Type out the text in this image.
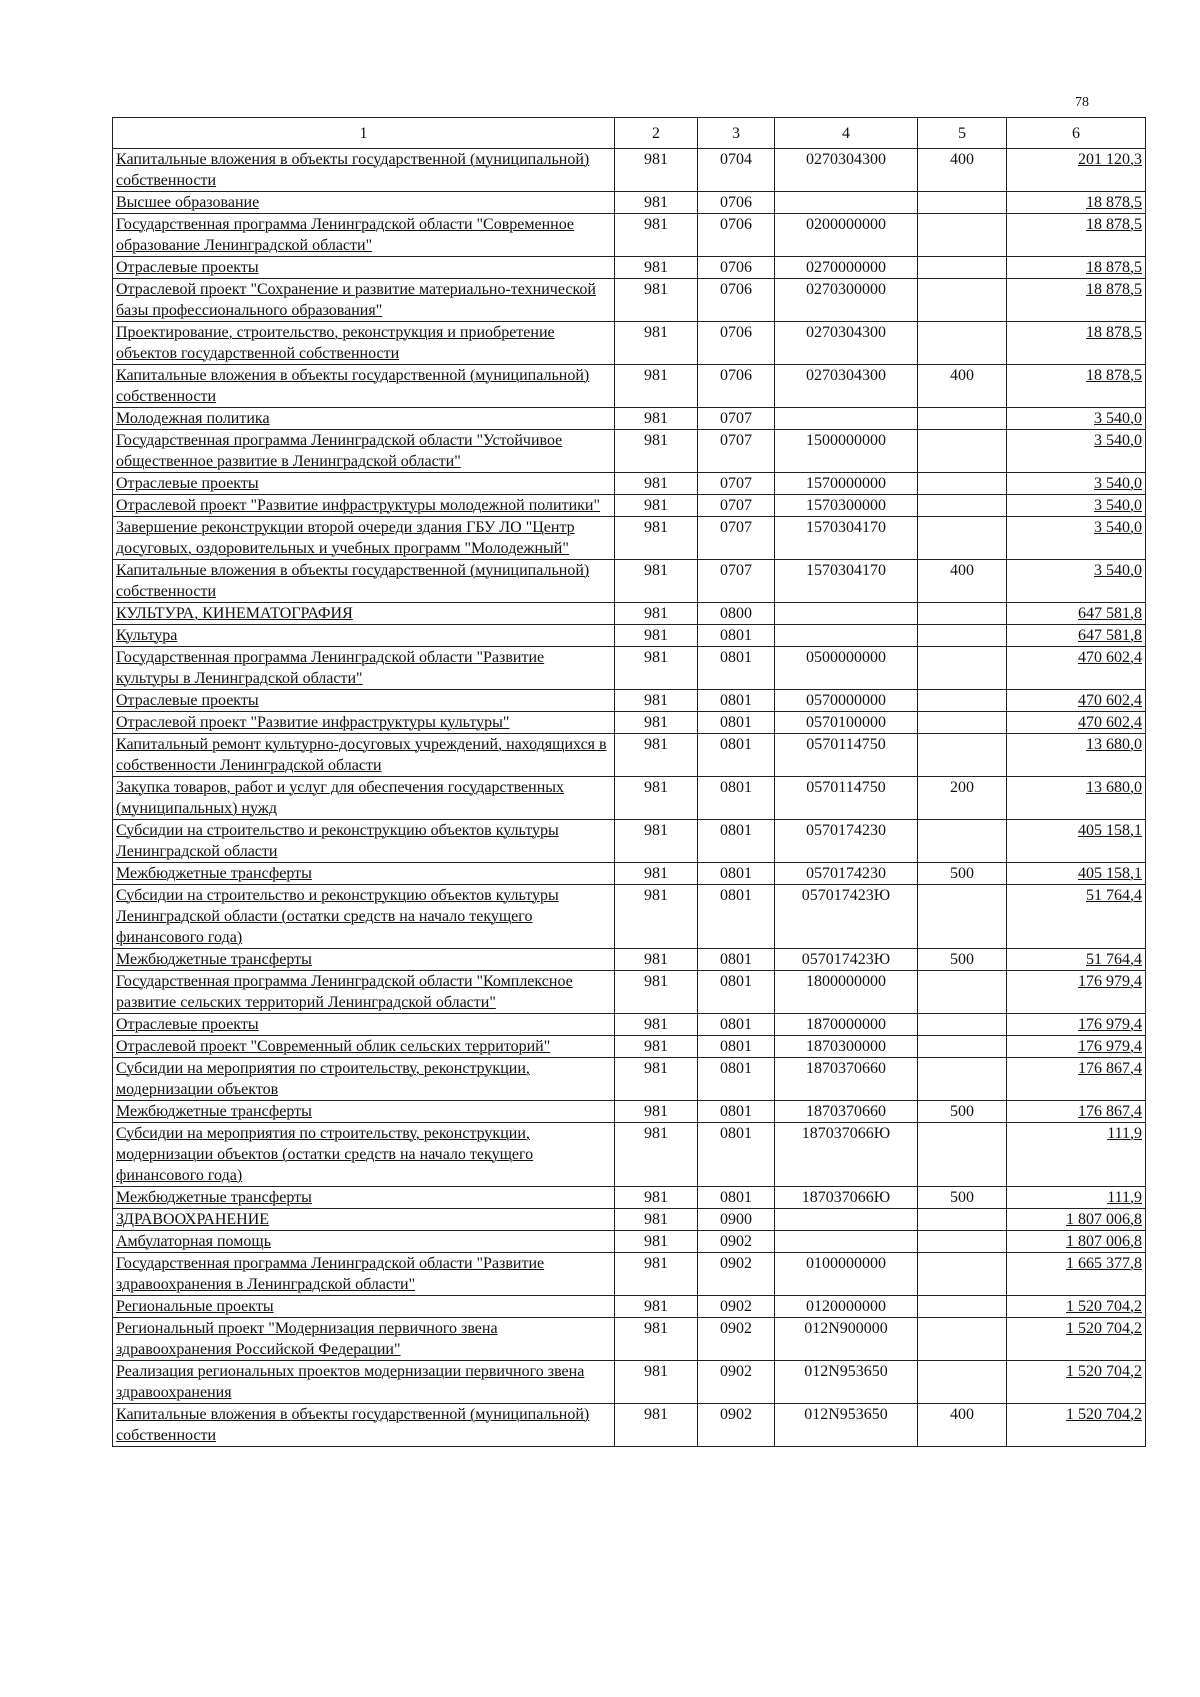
78
1	2	3	4	5	6
Капитальные вложения в объекты государственной (муниципальной) собственности	981	0704	0270304300	400	201 120,3
Высшее образование	981	0706			18 878,5
Государственная программа Ленинградской области "Современное образование Ленинградской области"	981	0706	0200000000		18 878,5
Отраслевые проекты	981	0706	0270000000		18 878,5
Отраслевой проект "Сохранение и развитие материально-технической базы профессионального образования"	981	0706	0270300000		18 878,5
Проектирование, строительство, реконструкция и приобретение объектов государственной собственности	981	0706	0270304300		18 878,5
Капитальные вложения в объекты государственной (муниципальной) собственности	981	0706	0270304300	400	18 878,5
Молодежная политика	981	0707			3 540,0
Государственная программа Ленинградской области "Устойчивое общественное развитие в Ленинградской области"	981	0707	1500000000		3 540,0
Отраслевые проекты	981	0707	1570000000		3 540,0
Отраслевой проект "Развитие инфраструктуры молодежной политики"	981	0707	1570300000		3 540,0
Завершение реконструкции второй очереди здания ГБУ ЛО "Центр досуговых, оздоровительных и учебных программ "Молодежный"	981	0707	1570304170		3 540,0
Капитальные вложения в объекты государственной (муниципальной) собственности	981	0707	1570304170	400	3 540,0
КУЛЬТУРА, КИНЕМАТОГРАФИЯ	981	0800			647 581,8
Культура	981	0801			647 581,8
Государственная программа Ленинградской области "Развитие культуры в Ленинградской области"	981	0801	0500000000		470 602,4
Отраслевые проекты	981	0801	0570000000		470 602,4
Отраслевой проект "Развитие инфраструктуры культуры"	981	0801	0570100000		470 602,4
Капитальный ремонт культурно-досуговых учреждений, находящихся в собственности Ленинградской области	981	0801	0570114750		13 680,0
Закупка товаров, работ и услуг для обеспечения государственных (муниципальных) нужд	981	0801	0570114750	200	13 680,0
Субсидии на строительство и реконструкцию объектов культуры Ленинградской области	981	0801	0570174230		405 158,1
Межбюджетные трансферты	981	0801	0570174230	500	405 158,1
Субсидии на строительство и реконструкцию объектов культуры Ленинградской области (остатки средств на начало текущего финансового года)	981	0801	057017423Ю		51 764,4
Межбюджетные трансферты	981	0801	057017423Ю	500	51 764,4
Государственная программа Ленинградской области "Комплексное развитие сельских территорий Ленинградской области"	981	0801	1800000000		176 979,4
Отраслевые проекты	981	0801	1870000000		176 979,4
Отраслевой проект "Современный облик сельских территорий"	981	0801	1870300000		176 979,4
Субсидии на мероприятия по строительству, реконструкции, модернизации объектов	981	0801	1870370660		176 867,4
Межбюджетные трансферты	981	0801	1870370660	500	176 867,4
Субсидии на мероприятия по строительству, реконструкции, модернизации объектов (остатки средств на начало текущего финансового года)	981	0801	187037066Ю		111,9
Межбюджетные трансферты	981	0801	187037066Ю	500	111,9
ЗДРАВООХРАНЕНИЕ	981	0900			1 807 006,8
Амбулаторная помощь	981	0902			1 807 006,8
Государственная программа Ленинградской области "Развитие здравоохранения в Ленинградской области"	981	0902	0100000000		1 665 377,8
Региональные проекты	981	0902	0120000000		1 520 704,2
Региональный проект "Модернизация первичного звена здравоохранения Российской Федерации"	981	0902	012N900000		1 520 704,2
Реализация региональных проектов модернизации первичного звена здравоохранения	981	0902	012N953650		1 520 704,2
Капитальные вложения в объекты государственной (муниципальной) собственности	981	0902	012N953650	400	1 520 704,2
